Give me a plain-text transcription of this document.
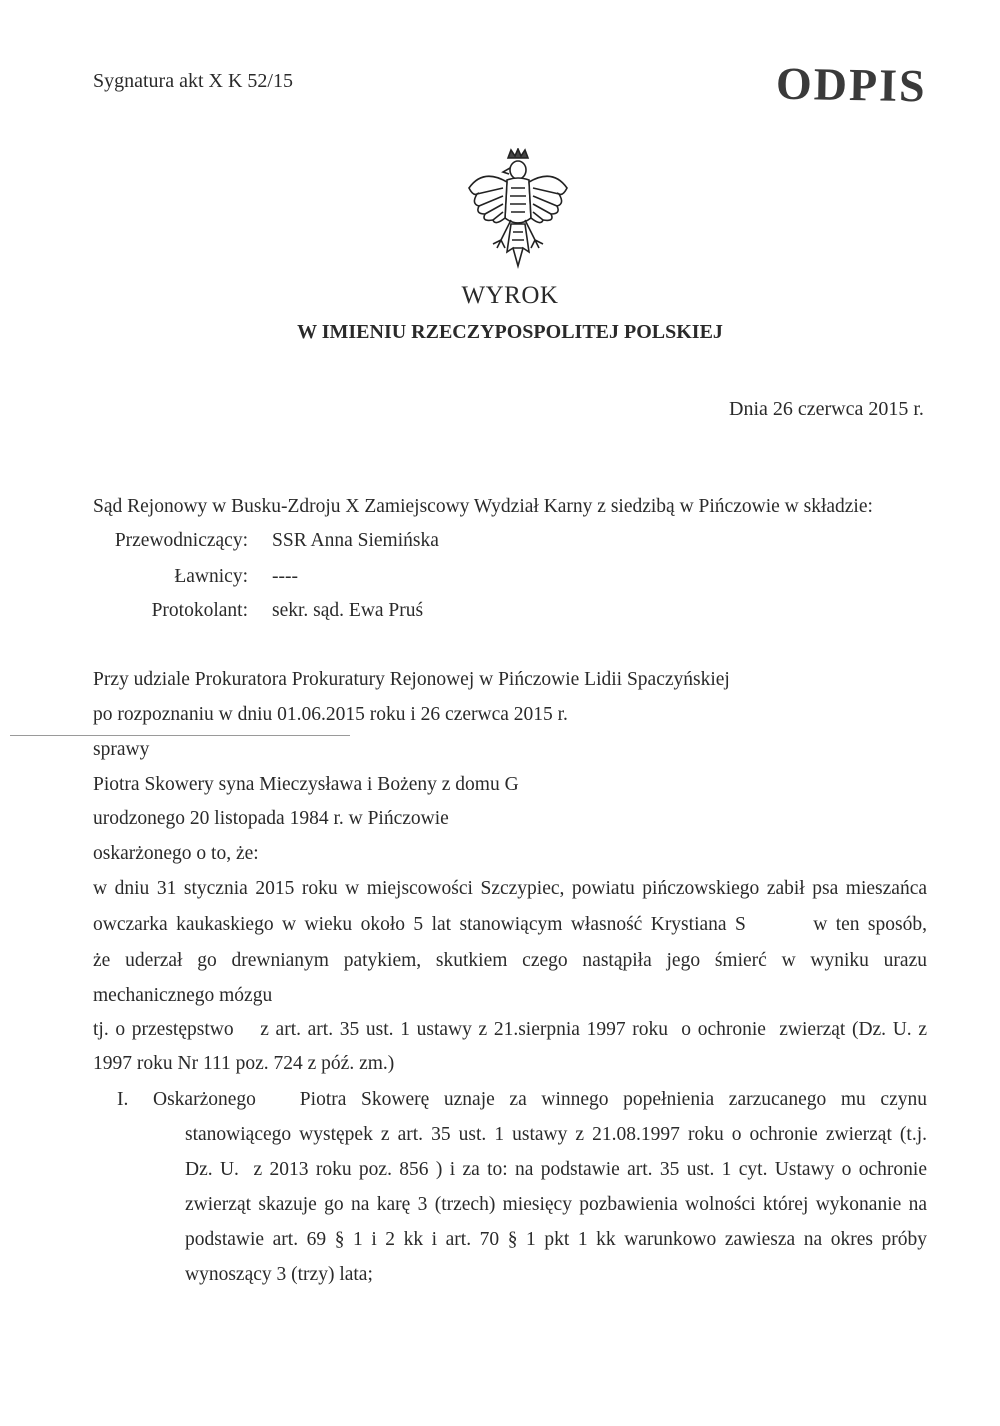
Sygnatura akt X K 52/15	ODPIS
WYROK
W IMIENIU RZECZYPOSPOLITEJ POLSKIEJ
Dnia 26 czerwca 2015 r.
Sąd Rejonowy w Busku-Zdroju X Zamiejscowy Wydział Karny z siedzibą w Pińczowie w składzie:
Przewodniczący: SSR Anna Siemińska
Ławnicy: ----
Protokolant: sekr. sąd. Ewa Pruś
Przy udziale Prokuratora Prokuratury Rejonowej w Pińczowie Lidii Spaczyńskiej
po rozpoznaniu w dniu 01.06.2015 roku i 26 czerwca 2015 r.
sprawy
Piotra Skowery syna Mieczysława i Bożeny z domu G
urodzonego 20 listopada 1984 r. w Pińczowie
oskarżonego o to, że:
w dniu 31 stycznia 2015 roku w miejscowości Szczypiec, powiatu pińczowskiego zabił psa mieszańca
owczarka kaukaskiego w wieku około 5 lat stanowiącym własność Krystiana S        w ten sposób,
że uderzał go drewnianym patykiem, skutkiem czego nastąpiła jego śmierć w wyniku urazu
mechanicznego mózgu
tj. o przestępstwo    z art. art. 35 ust. 1 ustawy z 21.sierpnia 1997 roku  o ochronie  zwierząt (Dz. U. z
1997 roku Nr 111 poz. 724 z póź. zm.)
I. Oskarżonego   Piotra Skowerę uznaje za winnego popełnienia zarzucanego mu czynu
stanowiącego występek z art. 35 ust. 1 ustawy z 21.08.1997 roku o ochronie zwierząt (t.j.
Dz. U.  z 2013 roku poz. 856 ) i za to: na podstawie art. 35 ust. 1 cyt. Ustawy o ochronie
zwierząt skazuje go na karę 3 (trzech) miesięcy pozbawienia wolności której wykonanie na
podstawie art. 69 § 1 i 2 kk i art. 70 § 1 pkt 1 kk warunkowo zawiesza na okres próby
wynoszący 3 (trzy) lata;
